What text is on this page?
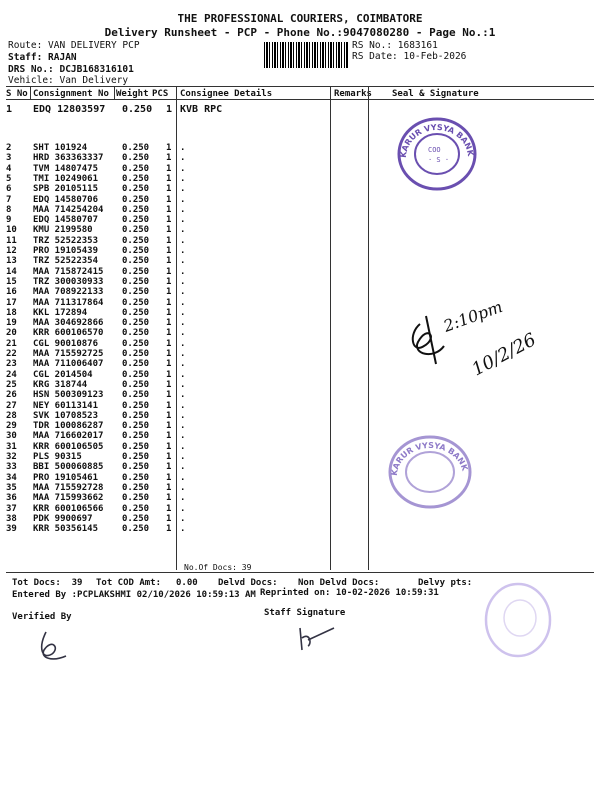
THE PROFESSIONAL COURIERS, COIMBATORE
Delivery Runsheet - PCP - Phone No.:9047080280 - Page No.:1
Route: VAN DELIVERY PCP
Staff: RAJAN
DRS No.: DCJB168316101
Vehicle: Van Delivery
RS No.: 1683161
RS Date: 10-Feb-2026
S No Consignment No Weight PCS Consignee Details	Remarks Seal & Signature
1 EDQ 12803597 0.250 1 KVB RPC
2 SHT 101924	0.250 1 .
3 HRD 363363337 0.250 1 .
4 TVM 14807475	0.250 1 .
5 TMI 10249061	0.250 1 .
6 SPB 20105115	0.250 1 .
7 EDQ 14580706	0.250 1 .
8 MAA 714254204 0.250 1 .
9 EDQ 14580707	0.250 1 .
10 KMU 2199580	0.250 1 .
11 TRZ 52522353	0.250 1 .
12 PRO 19105439	0.250 1 .
13 TRZ 52522354	0.250 1 .
14 MAA 715872415 0.250 1 .
15 TRZ 300030933 0.250 1 .
16 MAA 708922133 0.250 1 .
17 MAA 711317864 0.250 1 .
18 KKL 172894	0.250 1 .
19 MAA 304692866 0.250 1 .
20 KRR 600106570 0.250 1 .
21 CGL 90010876	0.250 1 .
22 MAA 715592725 0.250 1 .
23 MAA 711006407 0.250 1 .
24 CGL 2014504	0.250 1 .
25 KRG 318744	0.250 1 .
26 HSN 500309123 0.250 1 .
27 NEY 60113141	0.250 1 .
28 SVK 10708523	0.250 1 .
29 TDR 100086287 0.250 1 .
30 MAA 716602017 0.250 1 .
31 KRR 600106505 0.250 1 .
32 PLS 90315	0.250 1 .
33 BBI 500060885 0.250 1 .
34 PRO 19105461	0.250 1 .
35 MAA 715592728 0.250 1 .
36 MAA 715993662 0.250 1 .
37 KRR 600106566 0.250 1 .
38 PDK 9900697	0.250 1 .
39 KRR 50356145	0.250 1 .
No.Of Docs: 39
Tot Docs:  39 Tot COD Amt: 0.00 Delvd Docs: Non Delvd Docs:	Delvy pts:
Entered By :PCPLAKSHMI 02/10/2026 10:59:13 AM Reprinted on: 10-02-2026 10:59:31
Verified By	Staff Signature
KARUR VYSYA BANK
COO
· S ·
KARUR VYSYA BANK
2:10pm
10/2/26
